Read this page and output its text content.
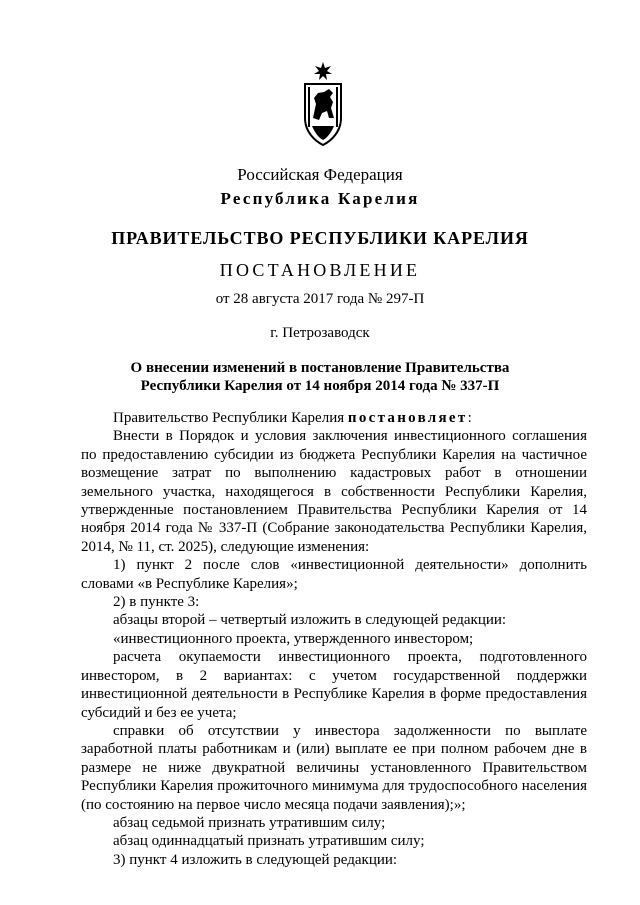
Российская Федерация
Республика Карелия
ПРАВИТЕЛЬСТВО РЕСПУБЛИКИ КАРЕЛИЯ
ПОСТАНОВЛЕНИЕ
от 28 августа 2017 года № 297-П
г. Петрозаводск
О внесении изменений в постановление Правительства
Республики Карелия от 14 ноября 2014 года № 337-П

Правительство Республики Карелия постановляет:

Внести в Порядок и условия заключения инвестиционного соглашения по предоставлению субсидии из бюджета Республики Карелия на частичное возмещение затрат по выполнению кадастровых работ в отношении земельного участка, находящегося в собственности Республики Карелия, утвержденные постановлением Правительства Республики Карелия от 14 ноября 2014 года № 337-П (Собрание законодательства Республики Карелия, 2014, № 11, ст. 2025), следующие изменения:

1) пункт 2 после слов «инвестиционной деятельности» дополнить словами «в Республике Карелия»;

2) в пункте 3:

абзацы второй – четвертый изложить в следующей редакции:

«инвестиционного проекта, утвержденного инвестором;

расчета окупаемости инвестиционного проекта, подготовленного инвестором, в 2 вариантах: с учетом государственной поддержки инвестиционной деятельности в Республике Карелия в форме предоставления субсидий и без ее учета;

справки об отсутствии у инвестора задолженности по выплате заработной платы работникам и (или) выплате ее при полном рабочем дне в размере не ниже двукратной величины установленного Правительством Республики Карелия прожиточного минимума для трудоспособного населения (по состоянию на первое число месяца подачи заявления);»;

абзац седьмой признать утратившим силу;

абзац одиннадцатый признать утратившим силу;

3) пункт 4 изложить в следующей редакции:
